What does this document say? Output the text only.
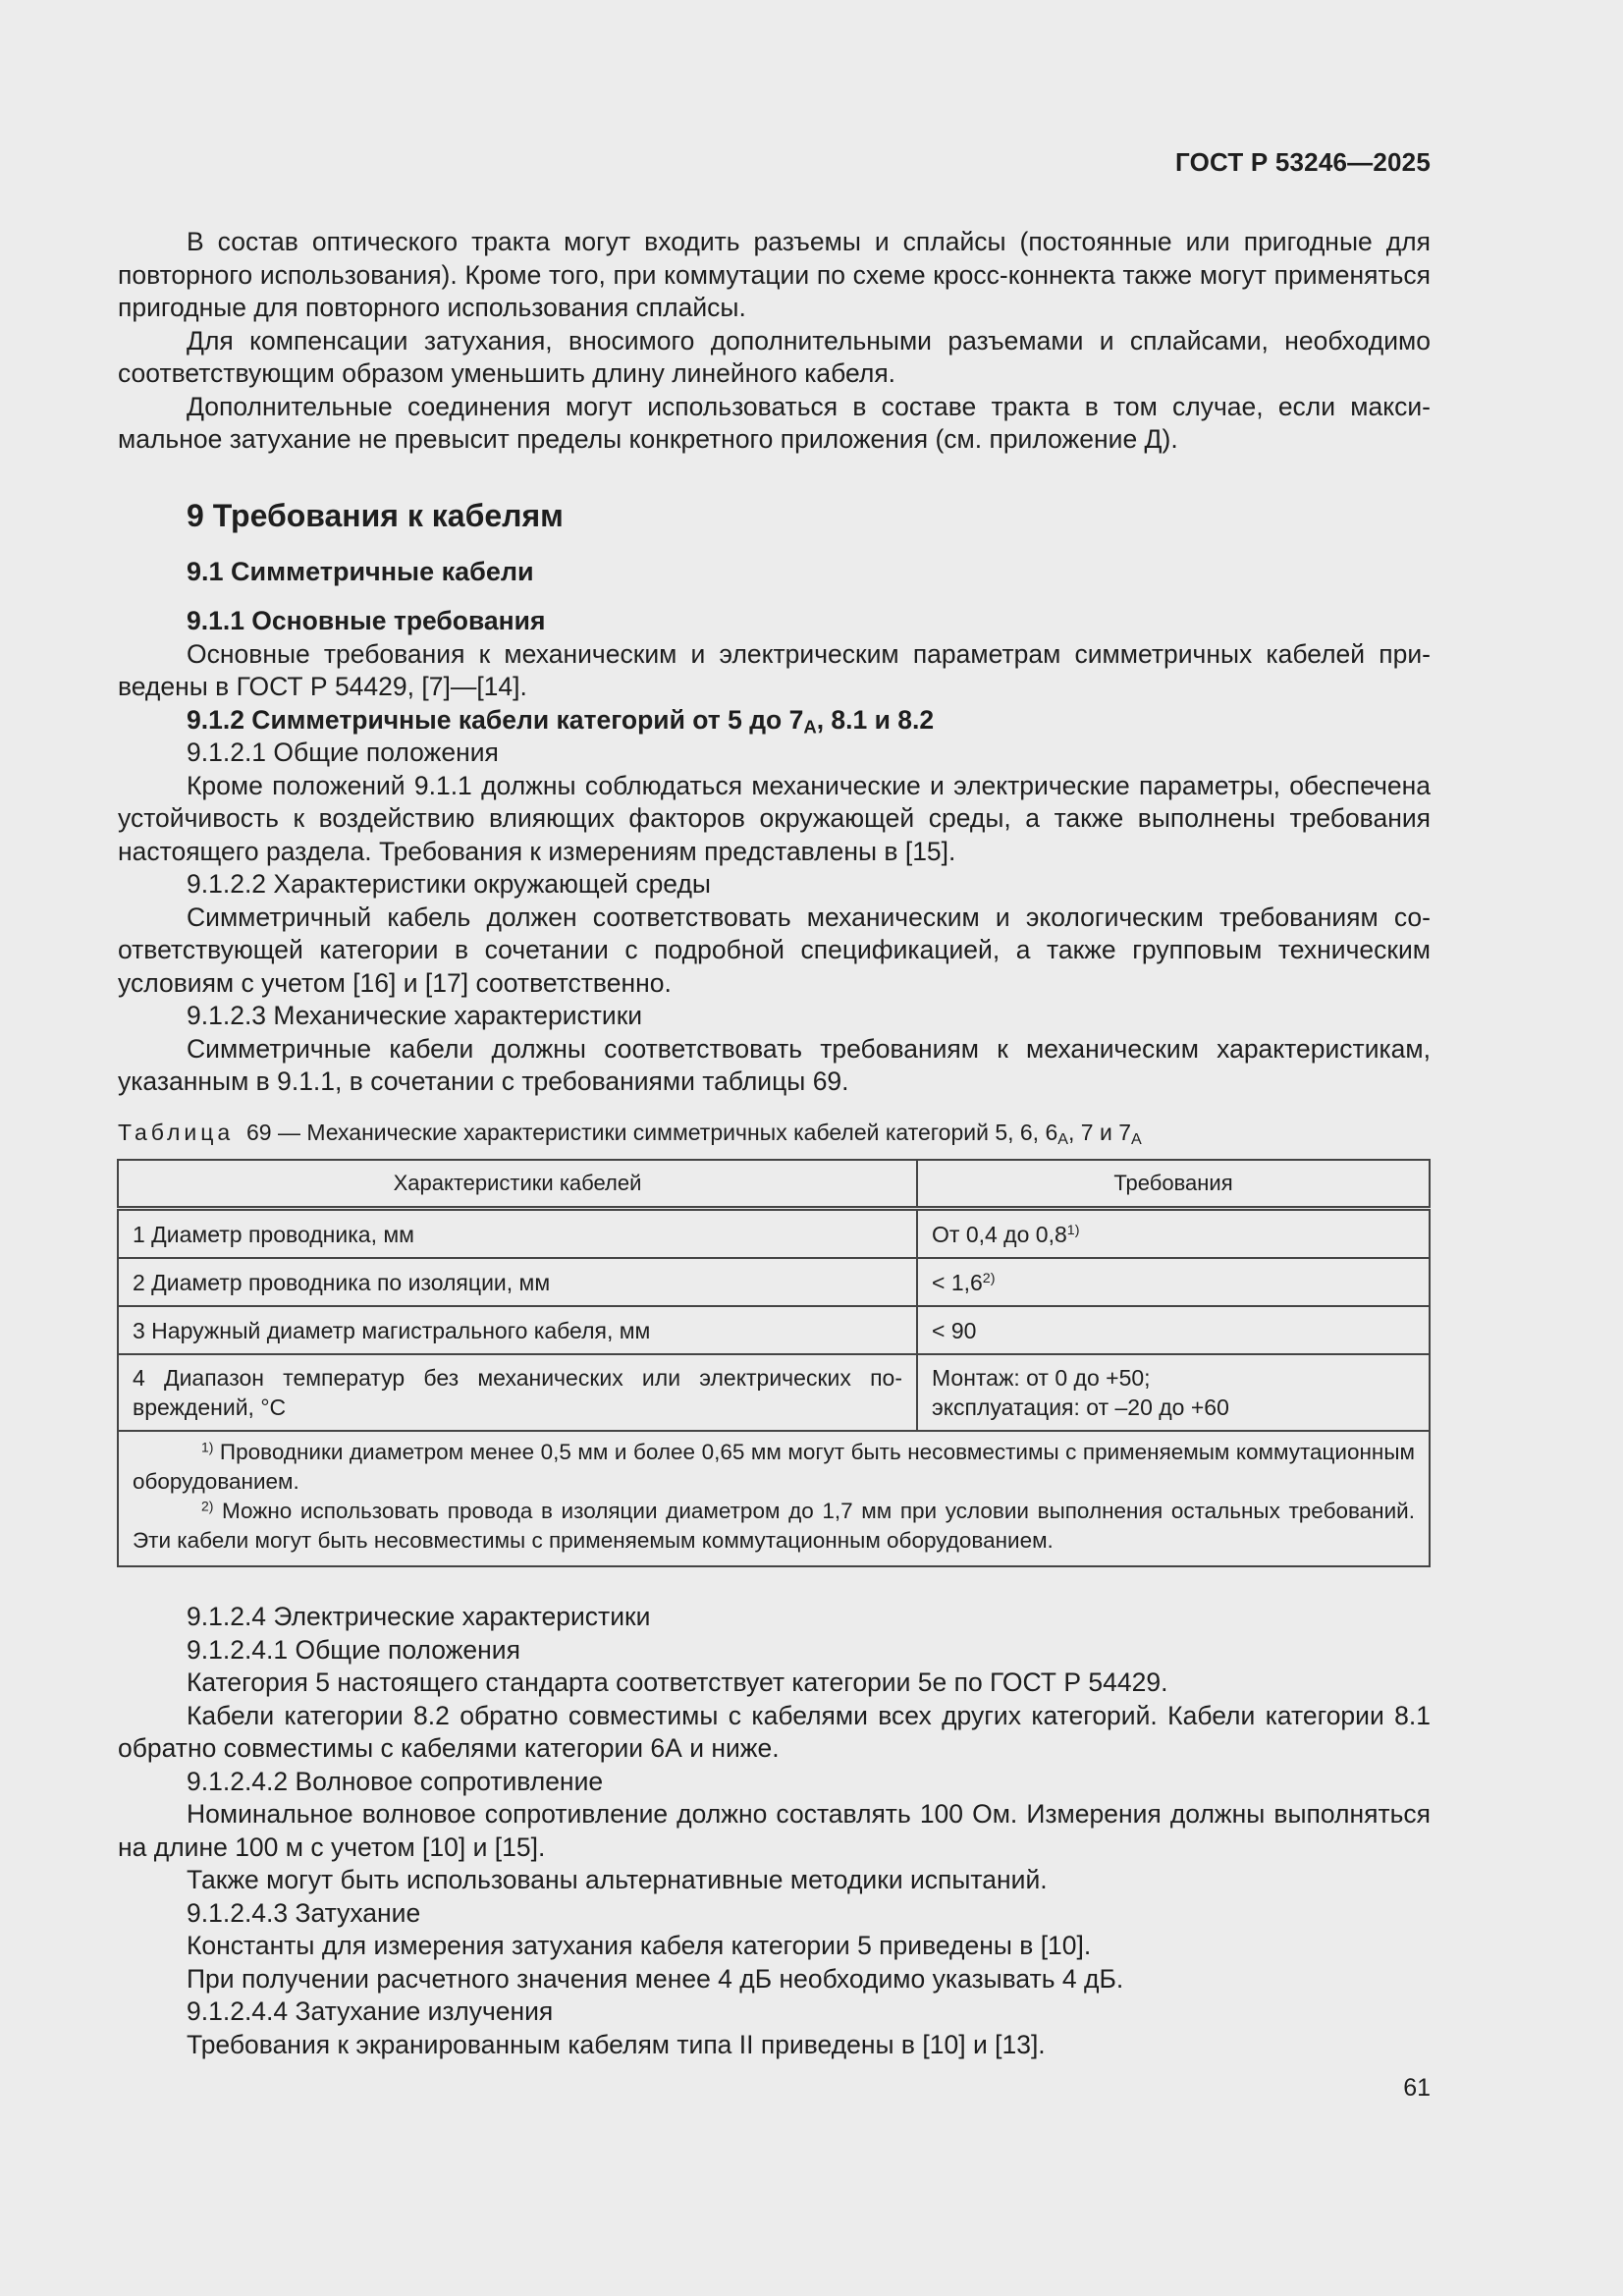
ГОСТ Р 53246—2025

В состав оптического тракта могут входить разъемы и сплайсы (постоянные или пригодные для повторного использования). Кроме того, при коммутации по схеме кросс-коннекта также могут применяться пригодные для повторного использования сплайсы.

Для компенсации затухания, вносимого дополнительными разъемами и сплайсами, необходимо соответствующим образом уменьшить длину линейного кабеля.

Дополнительные соединения могут использоваться в составе тракта в том случае, если максимальное затухание не превысит пределы конкретного приложения (см. приложение Д).

9 Требования к кабелям
9.1 Симметричные кабели

9.1.1 Основные требования

Основные требования к механическим и электрическим параметрам симметричных кабелей приведены в ГОСТ Р 54429, [7]—[14].

9.1.2 Симметричные кабели категорий от 5 до $7_A$, 8.1 и 8.2

9.1.2.1 Общие положения

Кроме положений 9.1.1 должны соблюдаться механические и электрические параметры, обеспечена устойчивость к воздействию влияющих факторов окружающей среды, а также выполнены требования настоящего раздела. Требования к измерениям представлены в [15].

9.1.2.2 Характеристики окружающей среды

Симметричный кабель должен соответствовать механическим и экологическим требованиям соответствующей категории в сочетании с подробной спецификацией, а также групповым техническим условиям с учетом [16] и [17] соответственно.

9.1.2.3 Механические характеристики

Симметричные кабели должны соответствовать требованиям к механическим характеристикам, указанным в 9.1.1, в сочетании с требованиями таблицы 69.

Таблица 69 — Механические характеристики симметричных кабелей категорий 5, 6, $6_A$, 7 и $7_A$
Характеристики кабелей	Требования
1 Диаметр проводника, мм	От 0,4 до 0,8$^{1)}$
2 Диаметр проводника по изоляции, мм	< $1,6^{2)}$
3 Наружный диаметр магистрального кабеля, мм	< 90
4 Диапазон температур без механических или электрических повреждений, °С	Монтаж: от 0 до +50;
эксплуатация: от –20 до +60

$^{1)}$ Проводники диаметром менее 0,5 мм и более 0,65 мм могут быть несовместимы с применяемым коммутационным оборудованием.

$^{2)}$ Можно использовать провода в изоляции диаметром до 1,7 мм при условии выполнения остальных требований. Эти кабели могут быть несовместимы с применяемым коммутационным оборудованием.	

9.1.2.4 Электрические характеристики

9.1.2.4.1 Общие положения

Категория 5 настоящего стандарта соответствует категории 5е по ГОСТ Р 54429.

Кабели категории 8.2 обратно совместимы с кабелями всех других категорий. Кабели категории 8.1 обратно совместимы с кабелями категории 6А и ниже.

9.1.2.4.2 Волновое сопротивление

Номинальное волновое сопротивление должно составлять 100 Ом. Измерения должны выполняться на длине 100 м с учетом [10] и [15].

Также могут быть использованы альтернативные методики испытаний.

9.1.2.4.3 Затухание

Константы для измерения затухания кабеля категории 5 приведены в [10].

При получении расчетного значения менее 4 дБ необходимо указывать 4 дБ.

9.1.2.4.4 Затухание излучения

Требования к экранированным кабелям типа II приведены в [10] и [13].

61
